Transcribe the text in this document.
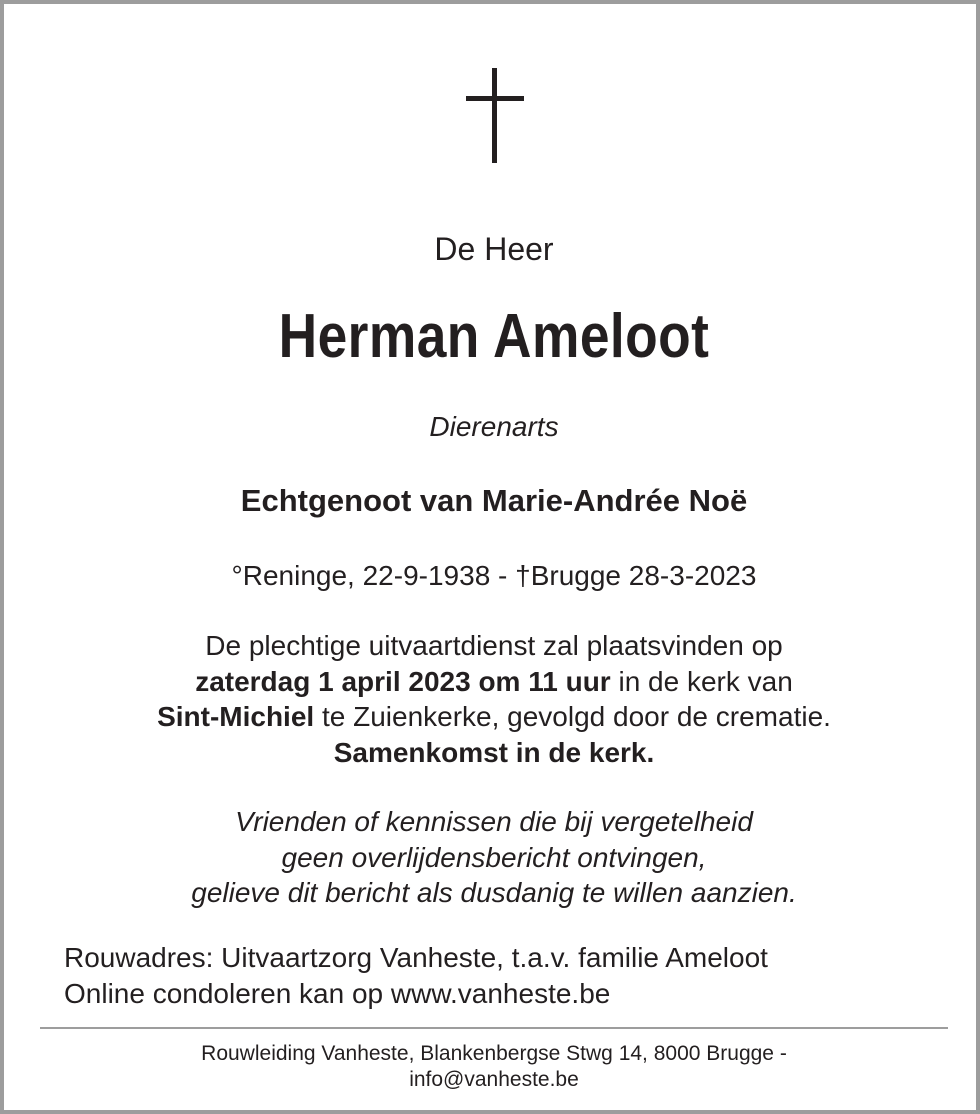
De Heer
Herman Ameloot
Dierenarts
Echtgenoot van Marie-Andrée Noë
°Reninge, 22-9-1938 - †Brugge 28-3-2023
De plechtige uitvaartdienst zal plaatsvinden op
zaterdag 1 april 2023 om 11 uur in de kerk van
Sint-Michiel te Zuienkerke, gevolgd door de crematie.
Samenkomst in de kerk.
Vrienden of kennissen die bij vergetelheid
geen overlijdensbericht ontvingen,
gelieve dit bericht als dusdanig te willen aanzien.
Rouwadres: Uitvaartzorg Vanheste, t.a.v. familie Ameloot
Online condoleren kan op www.vanheste.be
Rouwleiding Vanheste, Blankenbergse Stwg 14, 8000 Brugge -
info@vanheste.be
